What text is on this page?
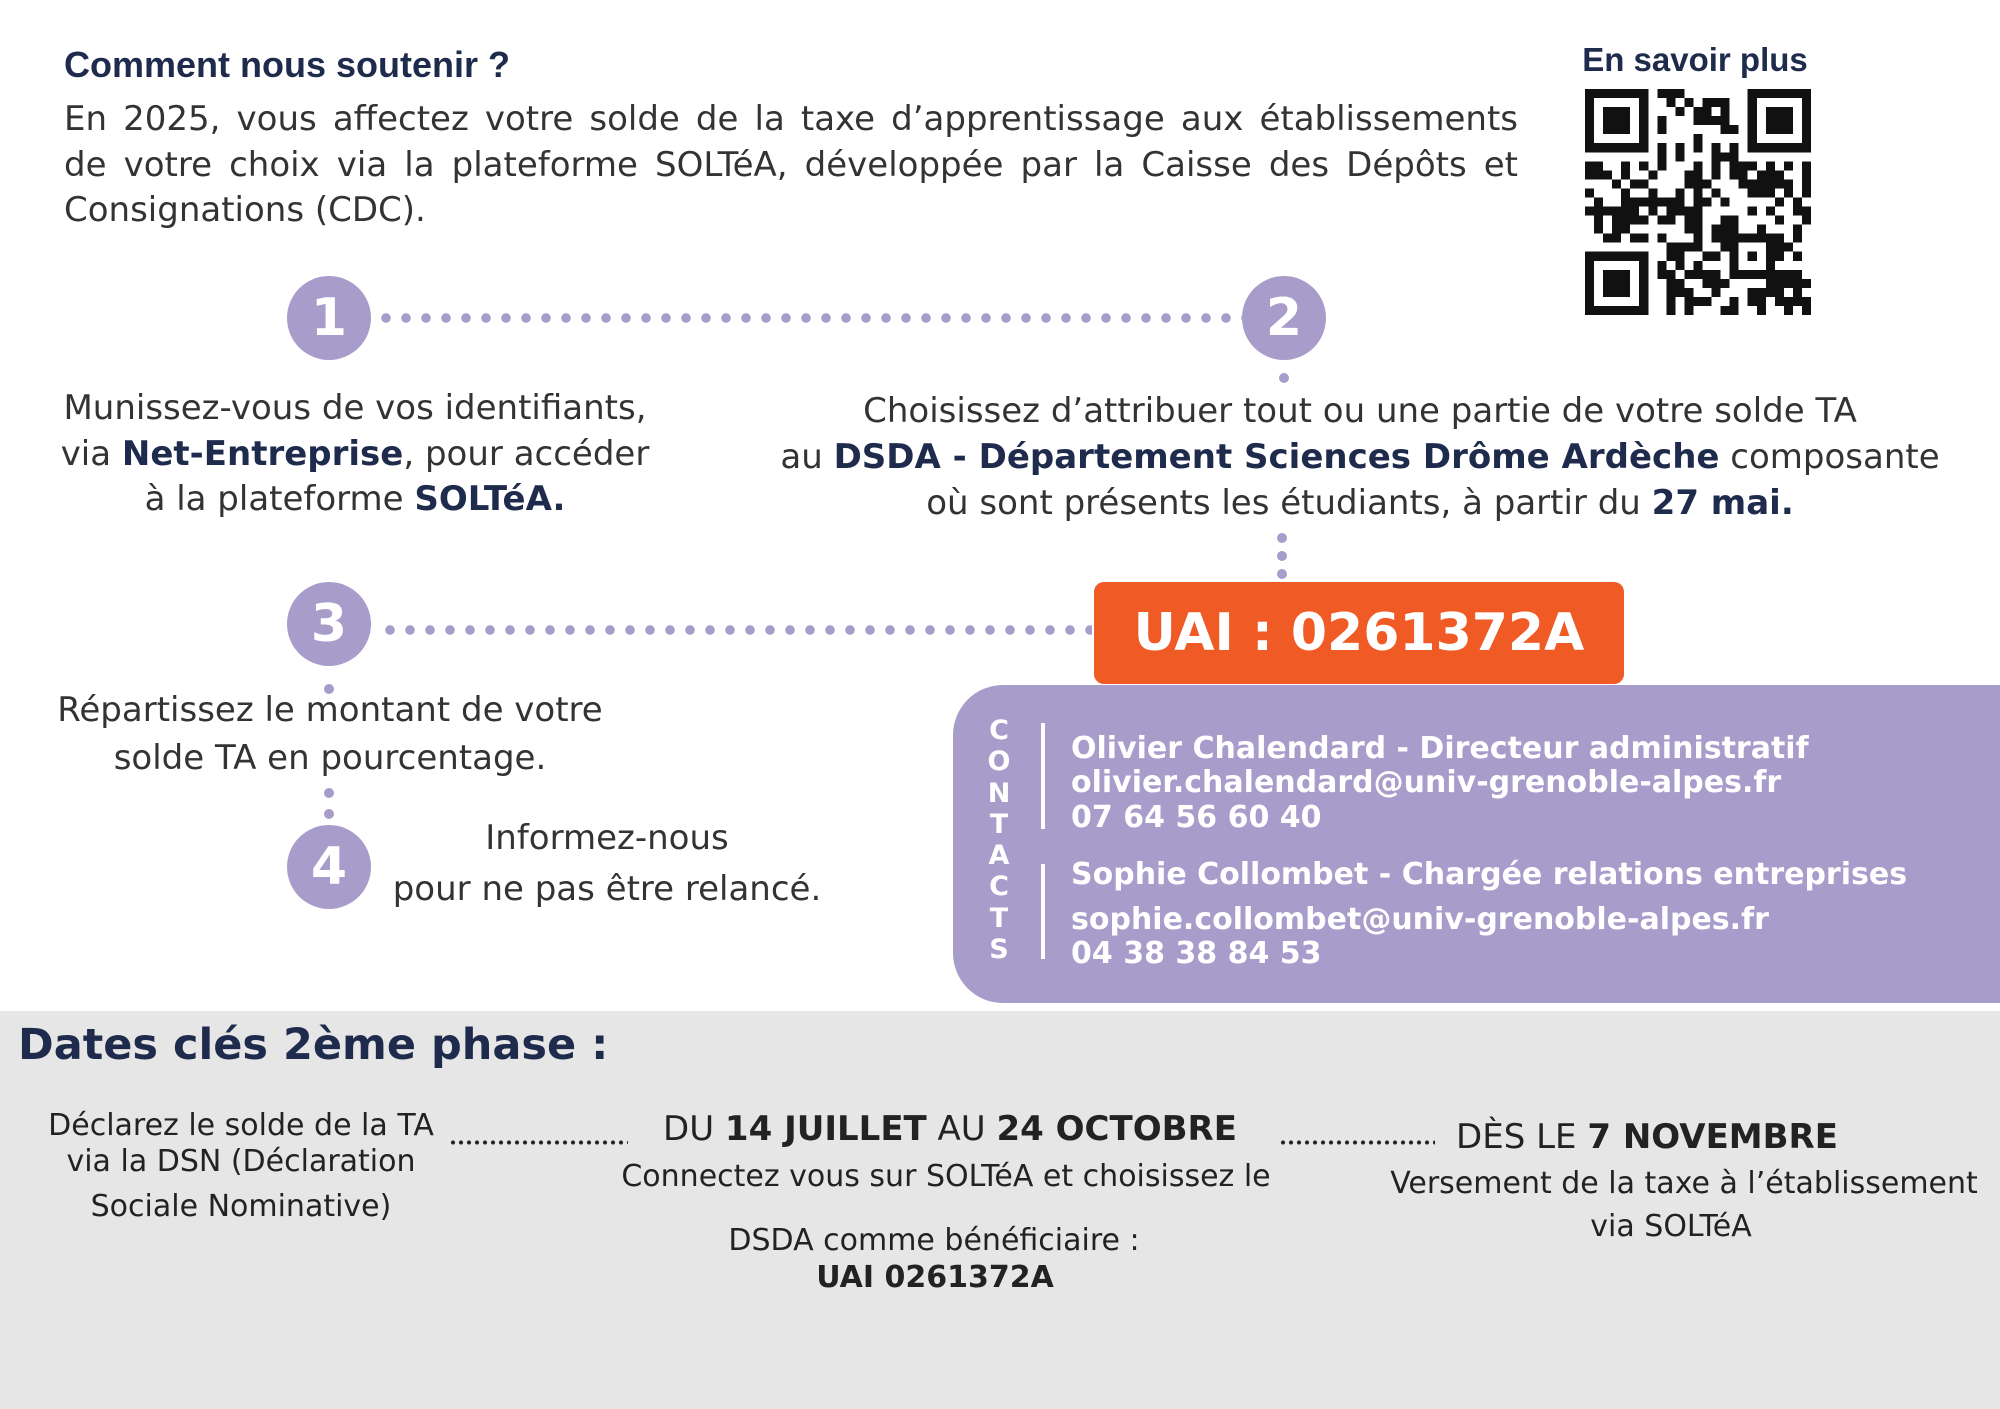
Comment nous soutenir ?
En 2025, vous affectez votre solde de la taxe d’apprentissage aux établissements
de votre choix via la plateforme SOLTéA, développée par la Caisse des Dépôts et
Consignations (CDC).
En savoir plus
1	2
3
4
Munissez-vous de vos identifiants,
via Net-Entreprise, pour accéder
à la plateforme SOLTéA.
Choisissez d’attribuer tout ou une partie de votre solde TA
au DSDA - Département Sciences Drôme Ardèche composante
où sont présents les étudiants, à partir du 27 mai.
Répartissez le montant de votre
solde TA en pourcentage.
Informez-nous
pour ne pas être relancé.
UAI : 0261372A
CONTACTS
Olivier Chalendard - Directeur administratif
olivier.chalendard@univ-grenoble-alpes.fr
07 64 56 60 40
Sophie Collombet - Chargée relations entreprises
sophie.collombet@univ-grenoble-alpes.fr
04 38 38 84 53
Dates clés 2ème phase :
Déclarez le solde de la TA
via la DSN (Déclaration
Sociale Nominative)
DU 14 JUILLET AU 24 OCTOBRE
Connectez vous sur SOLTéA et choisissez le
DSDA comme bénéficiaire :
UAI 0261372A
DÈS LE 7 NOVEMBRE
Versement de la taxe à l’établissement
via SOLTéA
